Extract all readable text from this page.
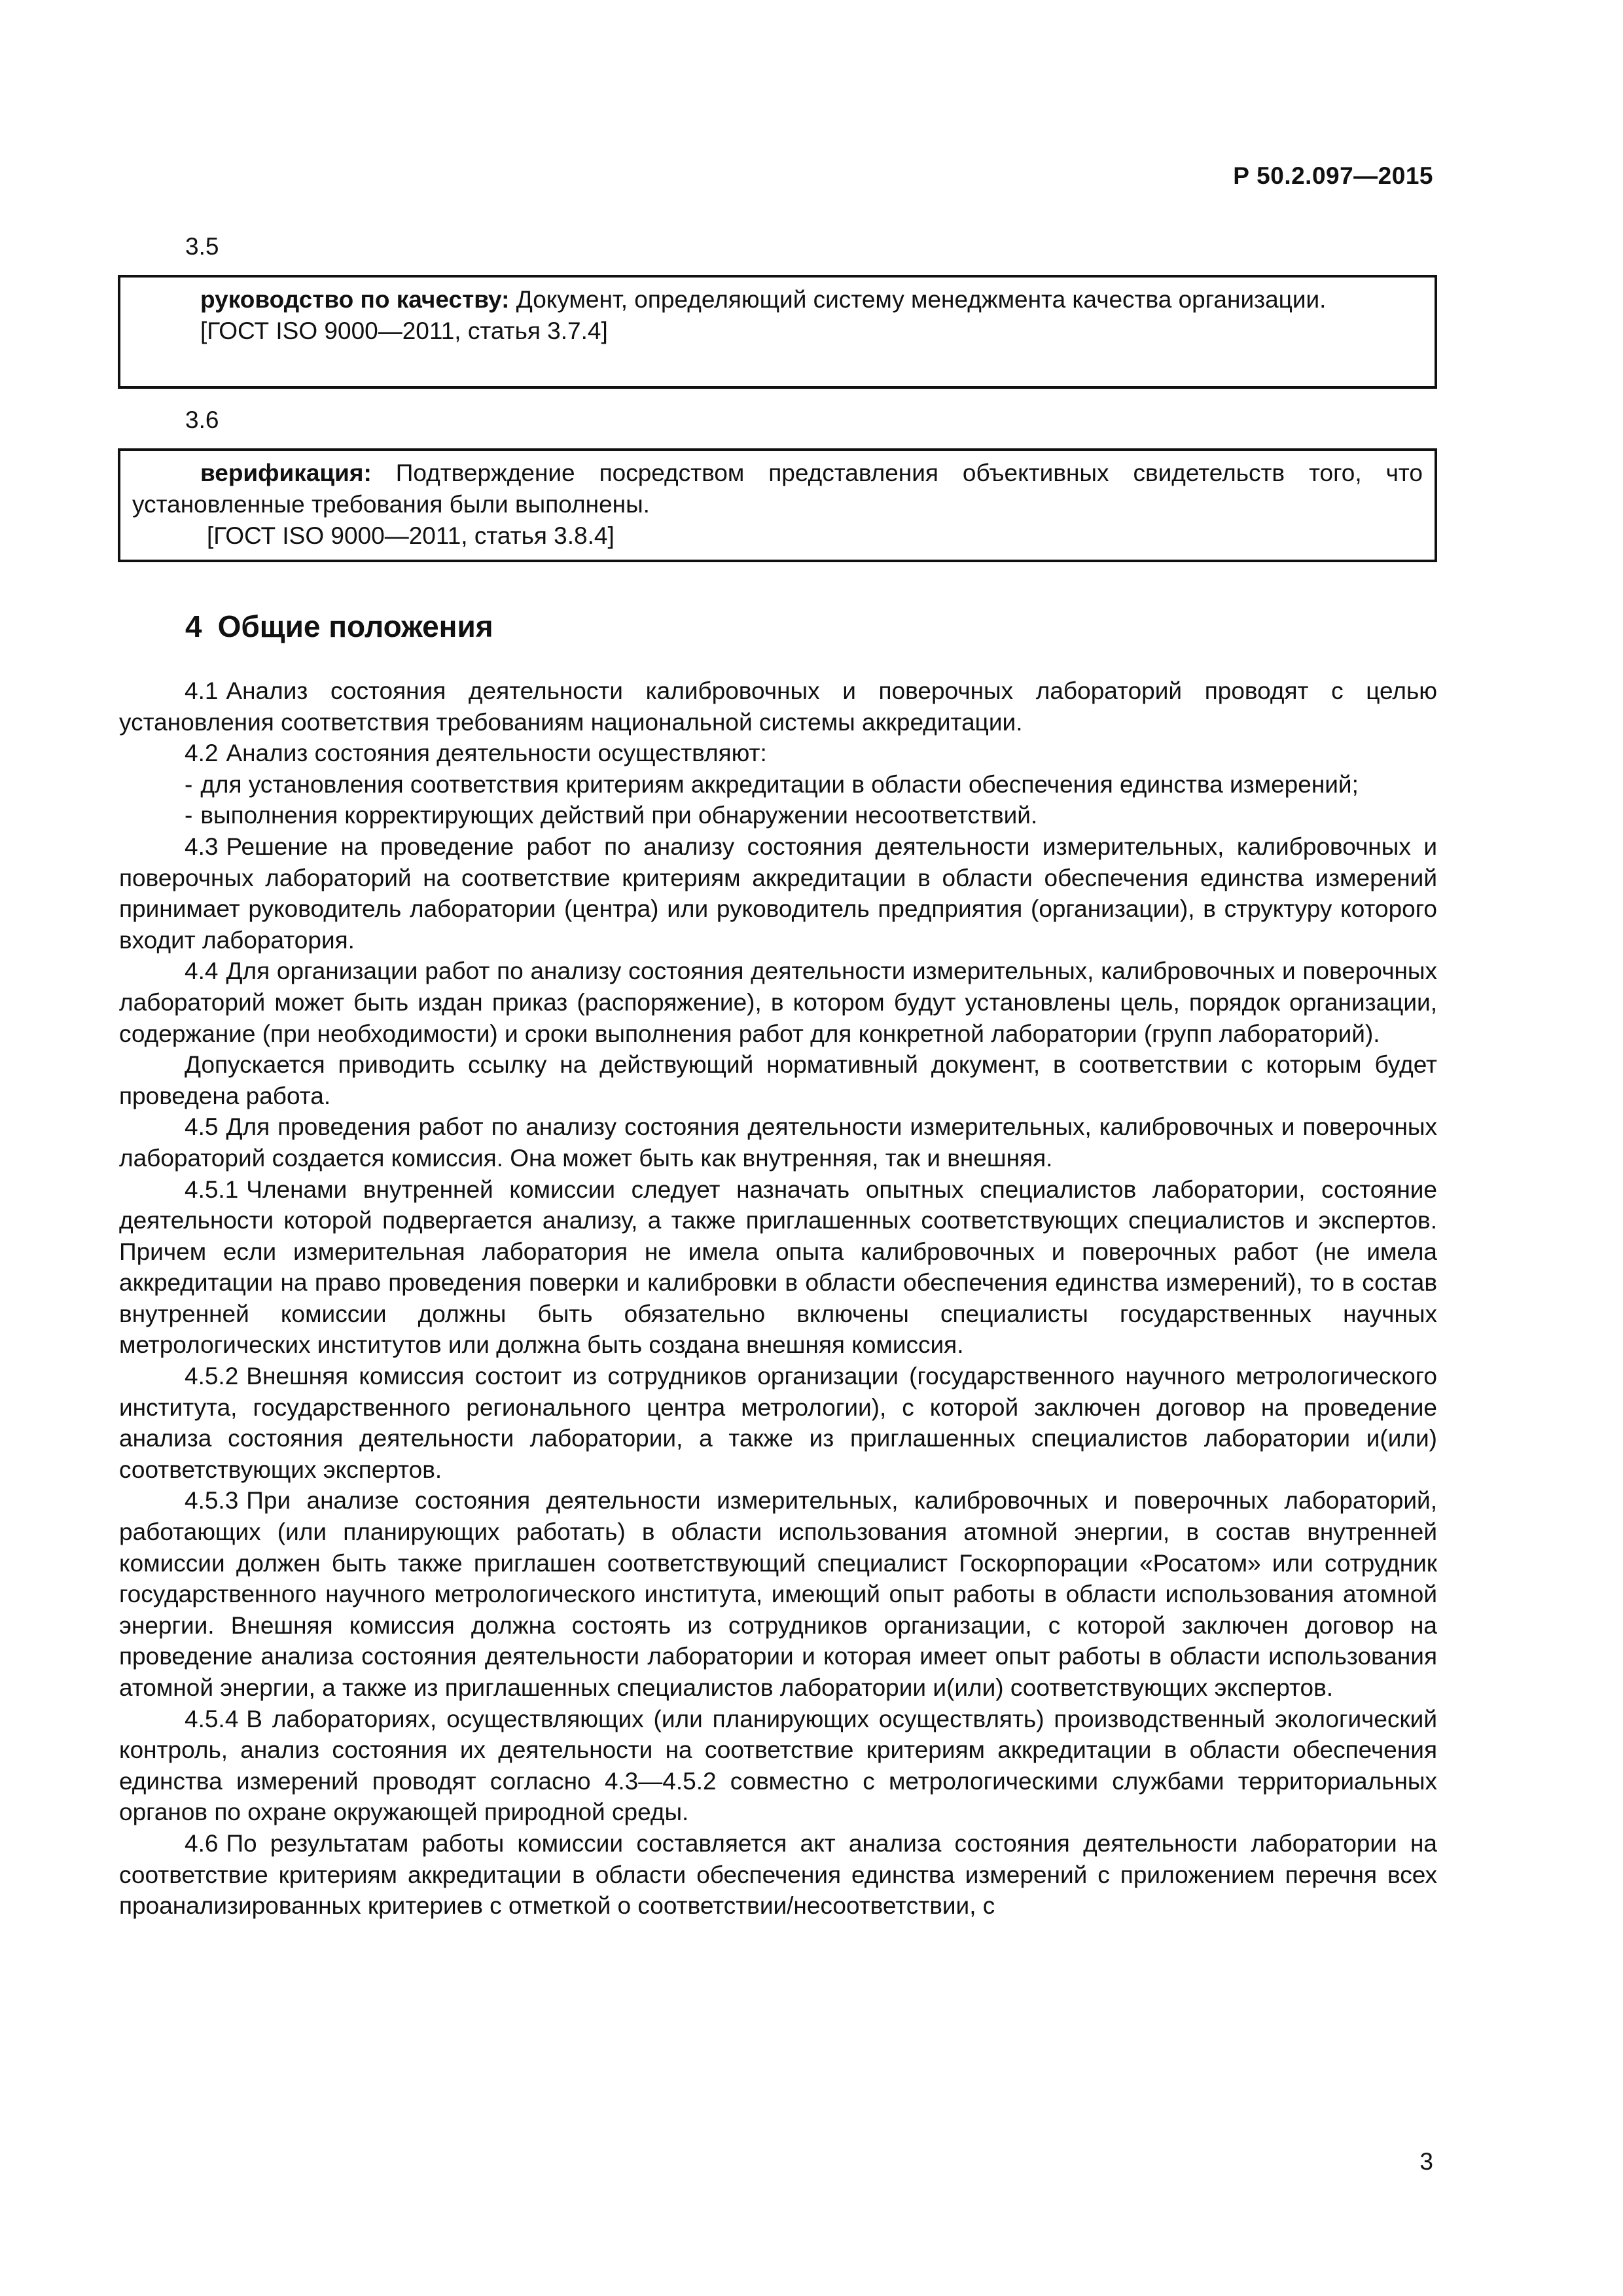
Р 50.2.097—2015
3.5

руководство по качеству: Документ, определяющий систему менеджмента качества организации.

[ГОСТ ISO 9000—2011, статья 3.7.4]

3.6

верификация: Подтверждение посредством представления объективных свидетельств того, что установленные требования были выполнены.

[ГОСТ ISO 9000—2011, статья 3.8.4]

4 Общие положения

4.1 Анализ состояния деятельности калибровочных и поверочных лабораторий проводят с целью установления соответствия требованиям национальной системы аккредитации.

4.2 Анализ состояния деятельности осуществляют:

- для установления соответствия критериям аккредитации в области обеспечения единства измерений;

- выполнения корректирующих действий при обнаружении несоответствий.

4.3 Решение на проведение работ по анализу состояния деятельности измерительных, калибровочных и поверочных лабораторий на соответствие критериям аккредитации в области обеспечения единства измерений принимает руководитель лаборатории (центра) или руководитель предприятия (организации), в структуру которого входит лаборатория.

4.4 Для организации работ по анализу состояния деятельности измерительных, калибровочных и поверочных лабораторий может быть издан приказ (распоряжение), в котором будут установлены цель, порядок организации, содержание (при необходимости) и сроки выполнения работ для конкретной лаборатории (групп лабораторий).

Допускается приводить ссылку на действующий нормативный документ, в соответствии с которым будет проведена работа.

4.5 Для проведения работ по анализу состояния деятельности измерительных, калибровочных и поверочных лабораторий создается комиссия. Она может быть как внутренняя, так и внешняя.

4.5.1 Членами внутренней комиссии следует назначать опытных специалистов лаборатории, состояние деятельности которой подвергается анализу, а также приглашенных соответствующих специалистов и экспертов. Причем если измерительная лаборатория не имела опыта калибровочных и поверочных работ (не имела аккредитации на право проведения поверки и калибровки в области обеспечения единства измерений), то в состав внутренней комиссии должны быть обязательно включены специалисты государственных научных метрологических институтов или должна быть создана внешняя комиссия.

4.5.2 Внешняя комиссия состоит из сотрудников организации (государственного научного метрологического института, государственного регионального центра метрологии), с которой заключен договор на проведение анализа состояния деятельности лаборатории, а также из приглашенных специалистов лаборатории и(или) соответствующих экспертов.

4.5.3 При анализе состояния деятельности измерительных, калибровочных и поверочных лабораторий, работающих (или планирующих работать) в области использования атомной энергии, в состав внутренней комиссии должен быть также приглашен соответствующий специалист Госкорпорации «Росатом» или сотрудник государственного научного метрологического института, имеющий опыт работы в области использования атомной энергии. Внешняя комиссия должна состоять из сотрудников организации, с которой заключен договор на проведение анализа состояния деятельности лаборатории и которая имеет опыт работы в области использования атомной энергии, а также из приглашенных специалистов лаборатории и(или) соответствующих экспертов.

4.5.4 В лабораториях, осуществляющих (или планирующих осуществлять) производственный экологический контроль, анализ состояния их деятельности на соответствие критериям аккредитации в области обеспечения единства измерений проводят согласно 4.3—4.5.2 совместно с метрологическими службами территориальных органов по охране окружающей природной среды.

4.6 По результатам работы комиссии составляется акт анализа состояния деятельности лаборатории на соответствие критериям аккредитации в области обеспечения единства измерений с приложением перечня всех проанализированных критериев с отметкой о соответствии/несоответствии, с

3
